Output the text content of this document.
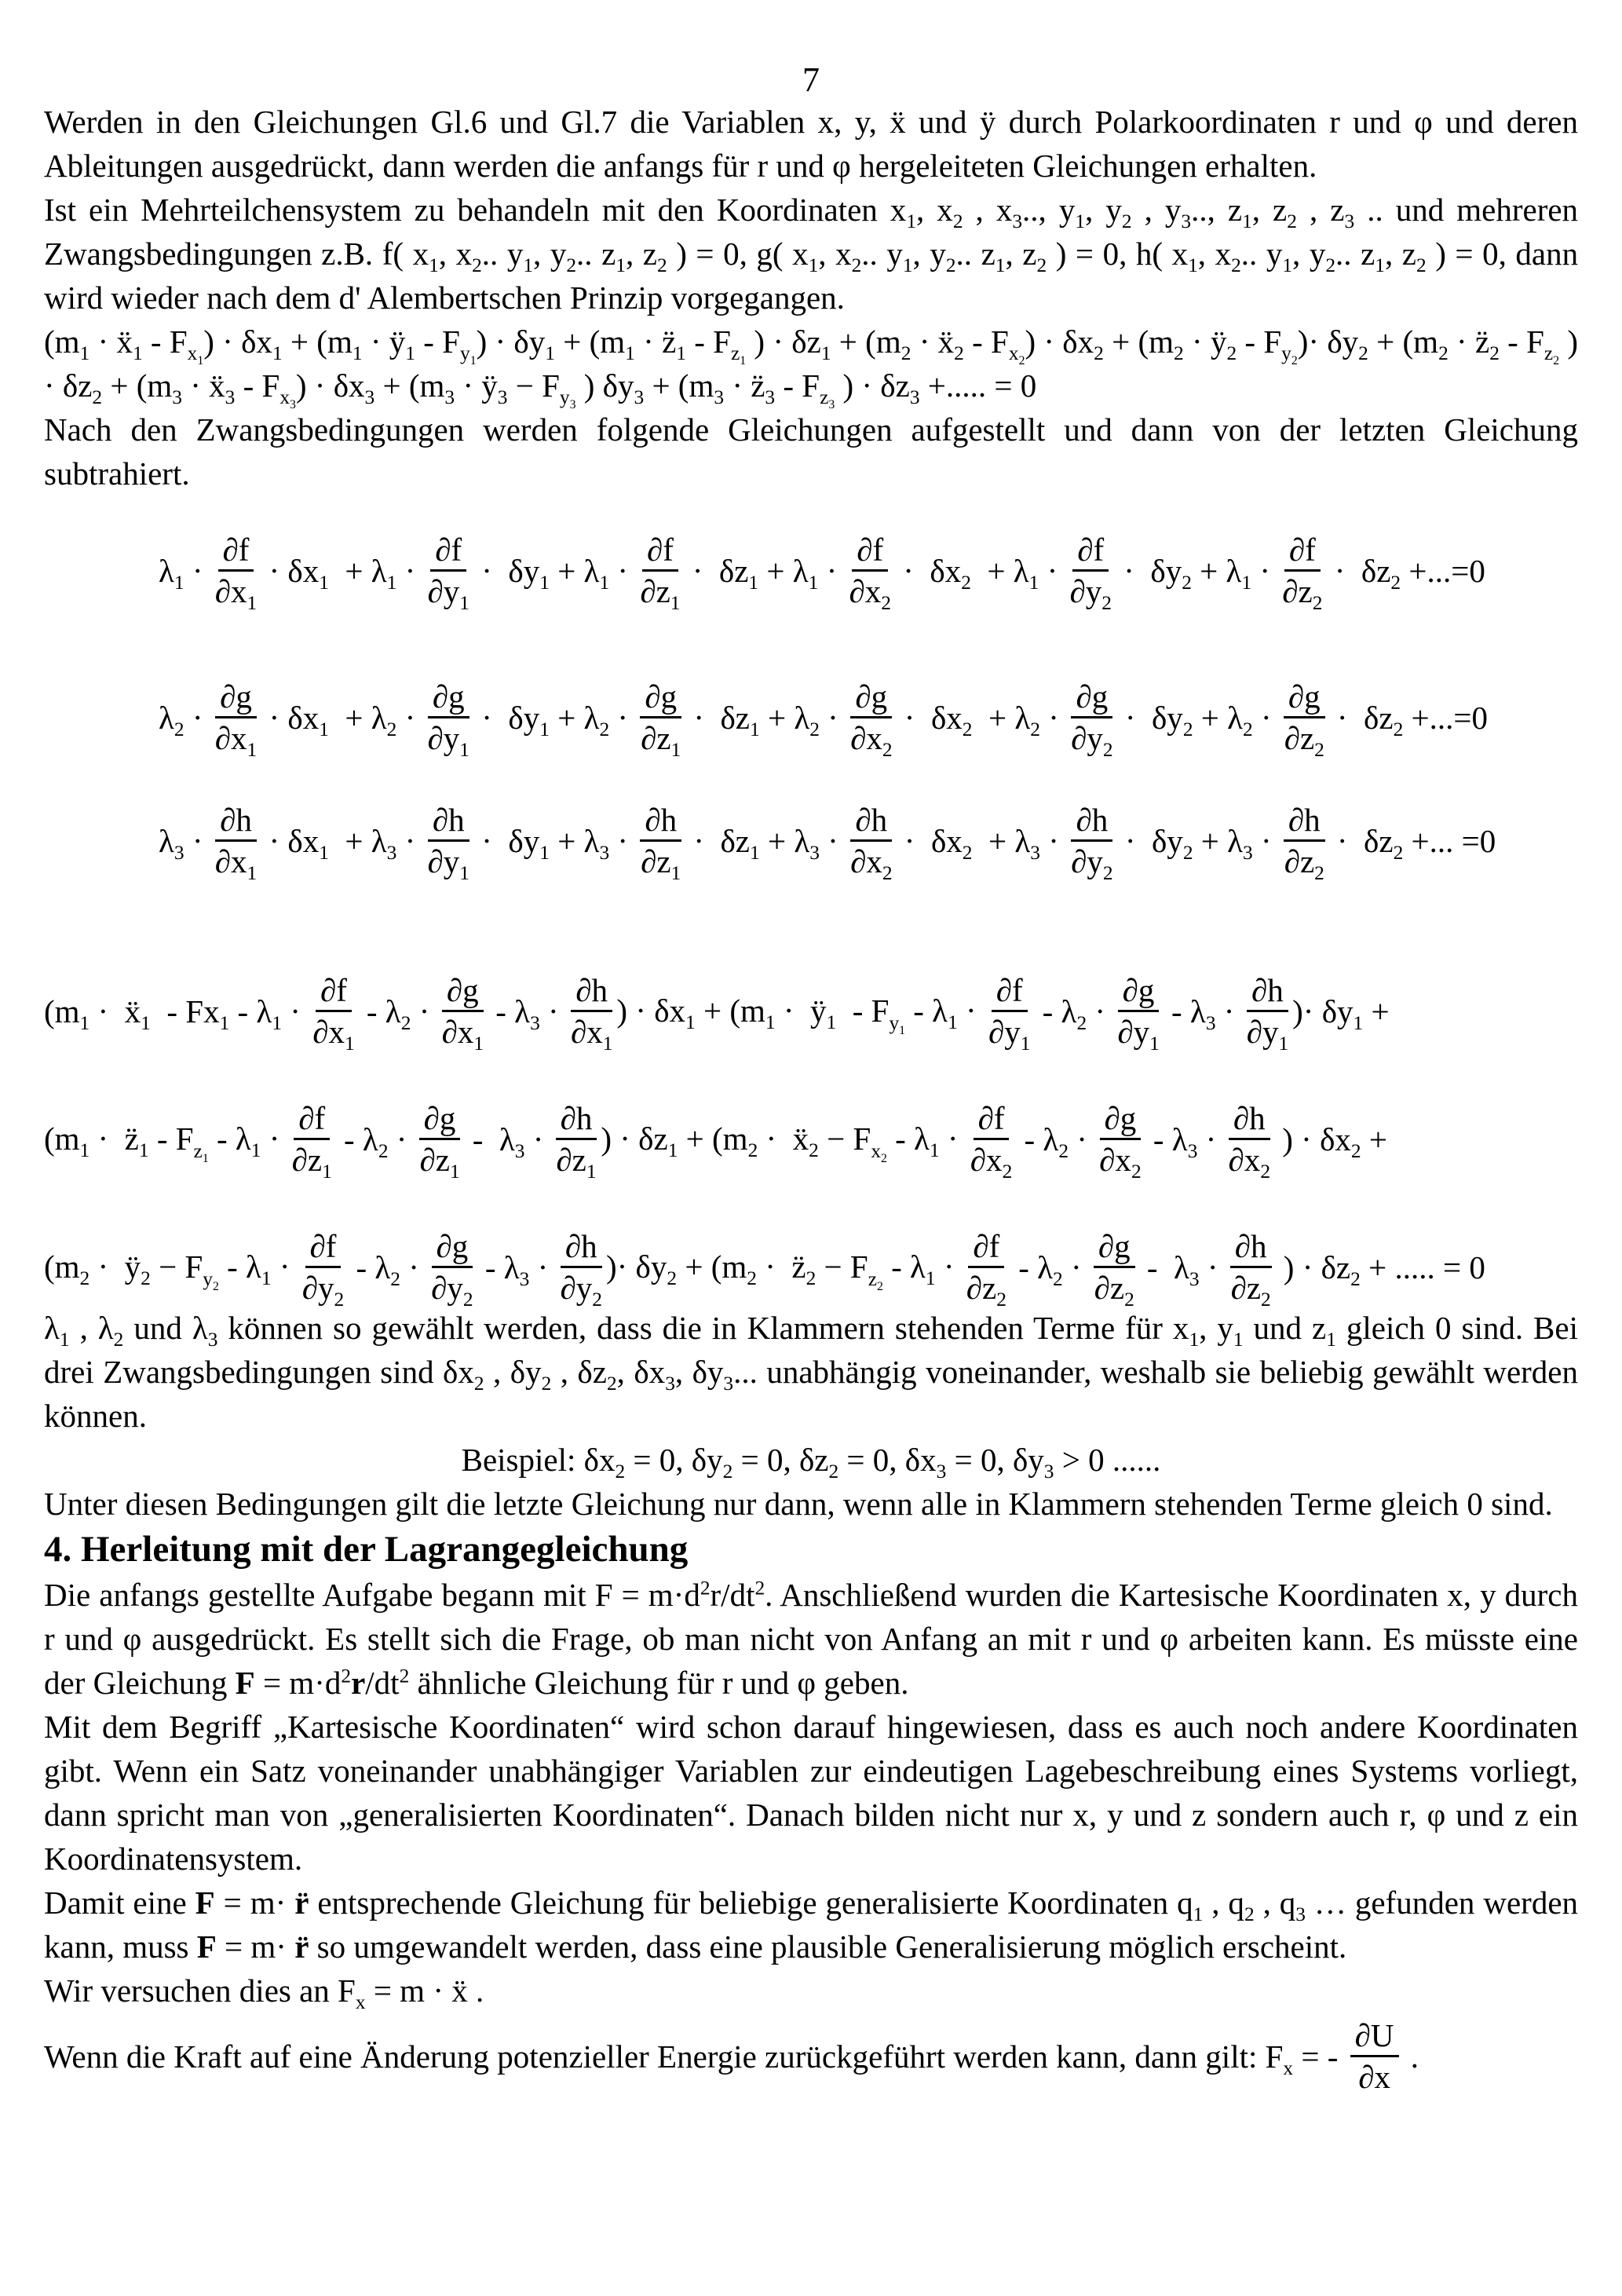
7

Werden in den Gleichungen Gl.6 und Gl.7 die Variablen x, y, ẍ und ÿ durch Polarkoordinaten r und φ und deren Ableitungen ausgedrückt, dann werden die anfangs für r und φ hergeleiteten Gleichungen erhalten.

Ist ein Mehrteilchensystem zu behandeln mit den Koordinaten $x_1$, $x_2$ , $x_3$.., $y_1$, $y_2$ , $y_3$.., $z_1$, $z_2$ , $z_3$ .. und mehreren Zwangsbedingungen z.B. f( $x_1$, $x_2$.. $y_1$, $y_2$.. $z_1$, $z_2$ ) = 0, g( $x_1$, $x_2$.. $y_1$, $y_2$.. $z_1$, $z_2$ ) = 0, h( $x_1$, $x_2$.. $y_1$, $y_2$.. $z_1$, $z_2$ ) = 0, dann wird wieder nach dem d' Alembertschen Prinzip vorgegangen.

($m_1$ · ẍ$_1$ - $F_{x_1}) \cdot \delta x_1 + (m_1$ · $ÿ_1 - F_{y_1}) \cdot \delta y_1 + (m_1$ · $z̈_1 - F_{z_1}$ ) · $\delta z_1 + (m_2$ · ẍ$_2$ - $F_{x_2}) \cdot \delta x_2 + (m_2$ · $ÿ_2 - F_{y_2})\cdot \delta y_2 + (m_2$ · $z̈_2 - F_{z_2}$ ) · $\delta z_2 + (m_3$ · ẍ$_3$ - $F_{x_3}) \cdot \delta x_3 + (m_3$ · $ÿ_3 - F_{y_3}$ ) $\delta y_3 + (m_3$ · $z̈_3 - F_{z_3}$ ) · $\delta z_3$ +..... = 0

Nach den Zwangsbedingungen werden folgende Gleichungen aufgestellt und dann von der letzten Gleichung subtrahiert.

$\lambda_1 \cdot \frac{\partial f}{\partial x_1} \cdot \delta x_1 + \lambda_1 \cdot \frac{\partial f}{\partial y_1} \cdot \delta y_1 + \lambda_1 \cdot \frac{\partial f}{\partial z_1} \cdot \delta z_1 + \lambda_1 \cdot \frac{\partial f}{\partial x_2} \cdot \delta x_2 + \lambda_1 \cdot \frac{\partial f}{\partial y_2} \cdot \delta y_2 + \lambda_1 \cdot \frac{\partial f}{\partial z_2} \cdot \delta z_2 +...=0$
$\lambda_2 \cdot \frac{\partial g}{\partial x_1} \cdot \delta x_1 + \lambda_2 \cdot \frac{\partial g}{\partial y_1} \cdot \delta y_1 + \lambda_2 \cdot \frac{\partial g}{\partial z_1} \cdot \delta z_1 + \lambda_2 \cdot \frac{\partial g}{\partial x_2} \cdot \delta x_2 + \lambda_2 \cdot \frac{\partial g}{\partial y_2} \cdot \delta y_2 + \lambda_2 \cdot \frac{\partial g}{\partial z_2} \cdot \delta z_2 +...=0$
$\lambda_3 \cdot \frac{\partial h}{\partial x_1} \cdot \delta x_1 + \lambda_3 \cdot \frac{\partial h}{\partial y_1} \cdot \delta y_1 + \lambda_3 \cdot \frac{\partial h}{\partial z_1} \cdot \delta z_1 + \lambda_3 \cdot \frac{\partial h}{\partial x_2} \cdot \delta x_2 + \lambda_3 \cdot \frac{\partial h}{\partial y_2} \cdot \delta y_2 + \lambda_3 \cdot \frac{\partial h}{\partial z_2} \cdot \delta z_2$ +... =0
($m_1$ ·  ẍ$_1$  - $Fx_1 - \lambda_1 \cdot \frac{\partial f}{\partial x_1} - \lambda_2 \cdot \frac{\partial g}{\partial x_1} - \lambda_3 \cdot \frac{\partial h}{\partial x_1}$ ) · $\delta x_1 + (m_1$ ·  $ÿ_1 - F_{y_1} - \lambda_1 \cdot \frac{\partial f}{\partial y_1} - \lambda_2 \cdot \frac{\partial g}{\partial y_1} - \lambda_3 \cdot \frac{\partial h}{\partial y_1}$ )· $\delta y_1$ +
($m_1$ ·  $z̈_1 - F_{z_1} - \lambda_1 \cdot \frac{\partial f}{\partial z_1} - \lambda_2 \cdot \frac{\partial g}{\partial z_1} - \lambda_3 \cdot \frac{\partial h}{\partial z_1}$ ) · $\delta z_1 + (m_2$ ·  ẍ$_2$ − $F_{x_2} - \lambda_1 \cdot \frac{\partial f}{\partial x_2} - \lambda_2 \cdot \frac{\partial g}{\partial x_2} - \lambda_3 \cdot \frac{\partial h}{\partial x_2}$ ) · $\delta x_2$ +
($m_2$ ·  $ÿ_2 - F_{y_2} - \lambda_1 \cdot \frac{\partial f}{\partial y_2} - \lambda_2 \cdot \frac{\partial g}{\partial y_2} - \lambda_3 \cdot \frac{\partial h}{\partial y_2}$ )· $\delta y_2 + (m_2$ ·  $z̈_2 - F_{z_2} - \lambda_1 \cdot \frac{\partial f}{\partial z_2} - \lambda_2 \cdot \frac{\partial g}{\partial z_2} - \lambda_3 \cdot \frac{\partial h}{\partial z_2}$ ) · $\delta z_2$ + ..... = 0

$\lambda_1$ , $\lambda_2$ und $\lambda_3$ können so gewählt werden, dass die in Klammern stehenden Terme für $x_1$, $y_1$ und $z_1$ gleich 0 sind. Bei drei Zwangsbedingungen sind $\delta x_2$ , $\delta y_2$ , $\delta z_2$, $\delta x_3$, $\delta y_3$... unabhängig voneinander, weshalb sie beliebig gewählt werden können.

Beispiel: $\delta x_2 = 0$, $\delta y_2 = 0$, $\delta z_2 = 0$, $\delta x_3 = 0$, $\delta y_3 > 0$ ......

Unter diesen Bedingungen gilt die letzte Gleichung nur dann, wenn alle in Klammern stehenden Terme gleich 0 sind.

4. Herleitung mit der Lagrangegleichung

Die anfangs gestellte Aufgabe begann mit $F = m\cdot d^2r/dt^2$. Anschließend wurden die Kartesische Koordinaten x, y durch r und φ ausgedrückt. Es stellt sich die Frage, ob man nicht von Anfang an mit r und φ arbeiten kann. Es müsste eine der Gleichung $F = m\cdot d^2r/dt^2$ ähnliche Gleichung für r und φ geben.

Mit dem Begriff „Kartesische Koordinaten“ wird schon darauf hingewiesen, dass es auch noch andere Koordinaten gibt. Wenn ein Satz voneinander unabhängiger Variablen zur eindeutigen Lagebeschreibung eines Systems vorliegt, dann spricht man von „generalisierten Koordinaten“. Danach bilden nicht nur x, y und z sondern auch r, φ und z ein Koordinatensystem.

Damit eine F = m· r̈ entsprechende Gleichung für beliebige generalisierte Koordinaten $q_1$ , $q_2$ , $q_3$ … gefunden werden kann, muss F = m· r̈ so umgewandelt werden, dass eine plausible Generalisierung möglich erscheint.

Wir versuchen dies an $F_x = m$ · ẍ .

Wenn die Kraft auf eine Änderung potenzieller Energie zurückgeführt werden kann, dann gilt: $F_x$ = - $\frac{\partial U}{\partial x}$ .
